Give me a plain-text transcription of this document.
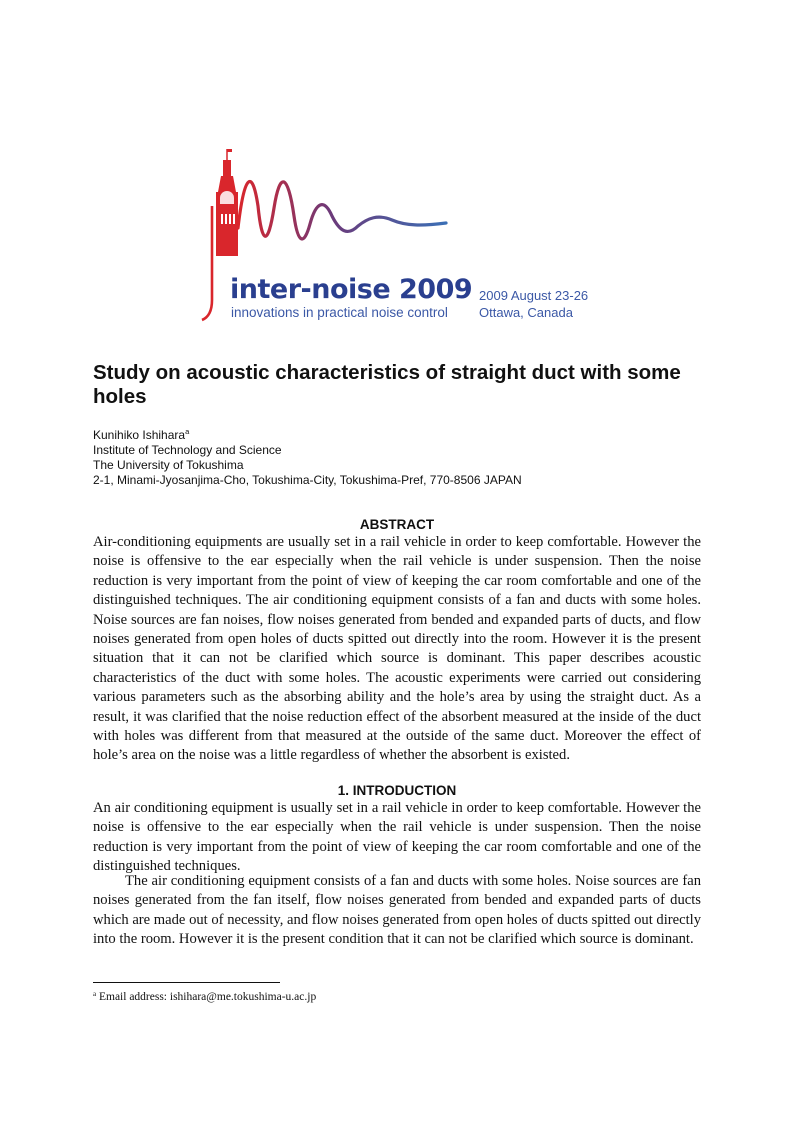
inter-noise 2009
innovations in practical noise control
2009 August 23-26
Ottawa, Canada
Study on acoustic characteristics of straight duct with some holes
Kunihiko Ishihara$^a$
Institute of Technology and Science
The University of Tokushima
2-1, Minami-Jyosanjima-Cho, Tokushima-City, Tokushima-Pref, 770-8506 JAPAN
ABSTRACT

Air-conditioning equipments are usually set in a rail vehicle in order to keep comfortable. However the noise is offensive to the ear especially when the rail vehicle is under suspension. Then the noise reduction is very important from the point of view of keeping the car room comfortable and one of the distinguished techniques. The air conditioning equipment consists of a fan and ducts with some holes. Noise sources are fan noises, flow noises generated from bended and expanded parts of ducts, and flow noises generated from open holes of ducts spitted out directly into the room. However it is the present situation that it can not be clarified which source is dominant. This paper describes acoustic characteristics of the duct with some holes. The acoustic experiments were carried out considering various parameters such as the absorbing ability and the hole’s area by using the straight duct. As a result, it was clarified that the noise reduction effect of the absorbent measured at the inside of the duct with holes was different from that measured at the outside of the same duct. Moreover the effect of hole’s area on the noise was a little regardless of whether the absorbent is existed.

1. INTRODUCTION

An air conditioning equipment is usually set in a rail vehicle in order to keep comfortable. However the noise is offensive to the ear especially when the rail vehicle is under suspension. Then the noise reduction is very important from the point of view of keeping the car room comfortable and one of the distinguished techniques.

The air conditioning equipment consists of a fan and ducts with some holes. Noise sources are fan noises generated from the fan itself, flow noises generated from bended and expanded parts of ducts which are made out of necessity, and flow noises generated from open holes of ducts spitted out directly into the room. However it is the present condition that it can not be clarified which source is dominant.

$^a$ Email address: ishihara@me.tokushima-u.ac.jp
